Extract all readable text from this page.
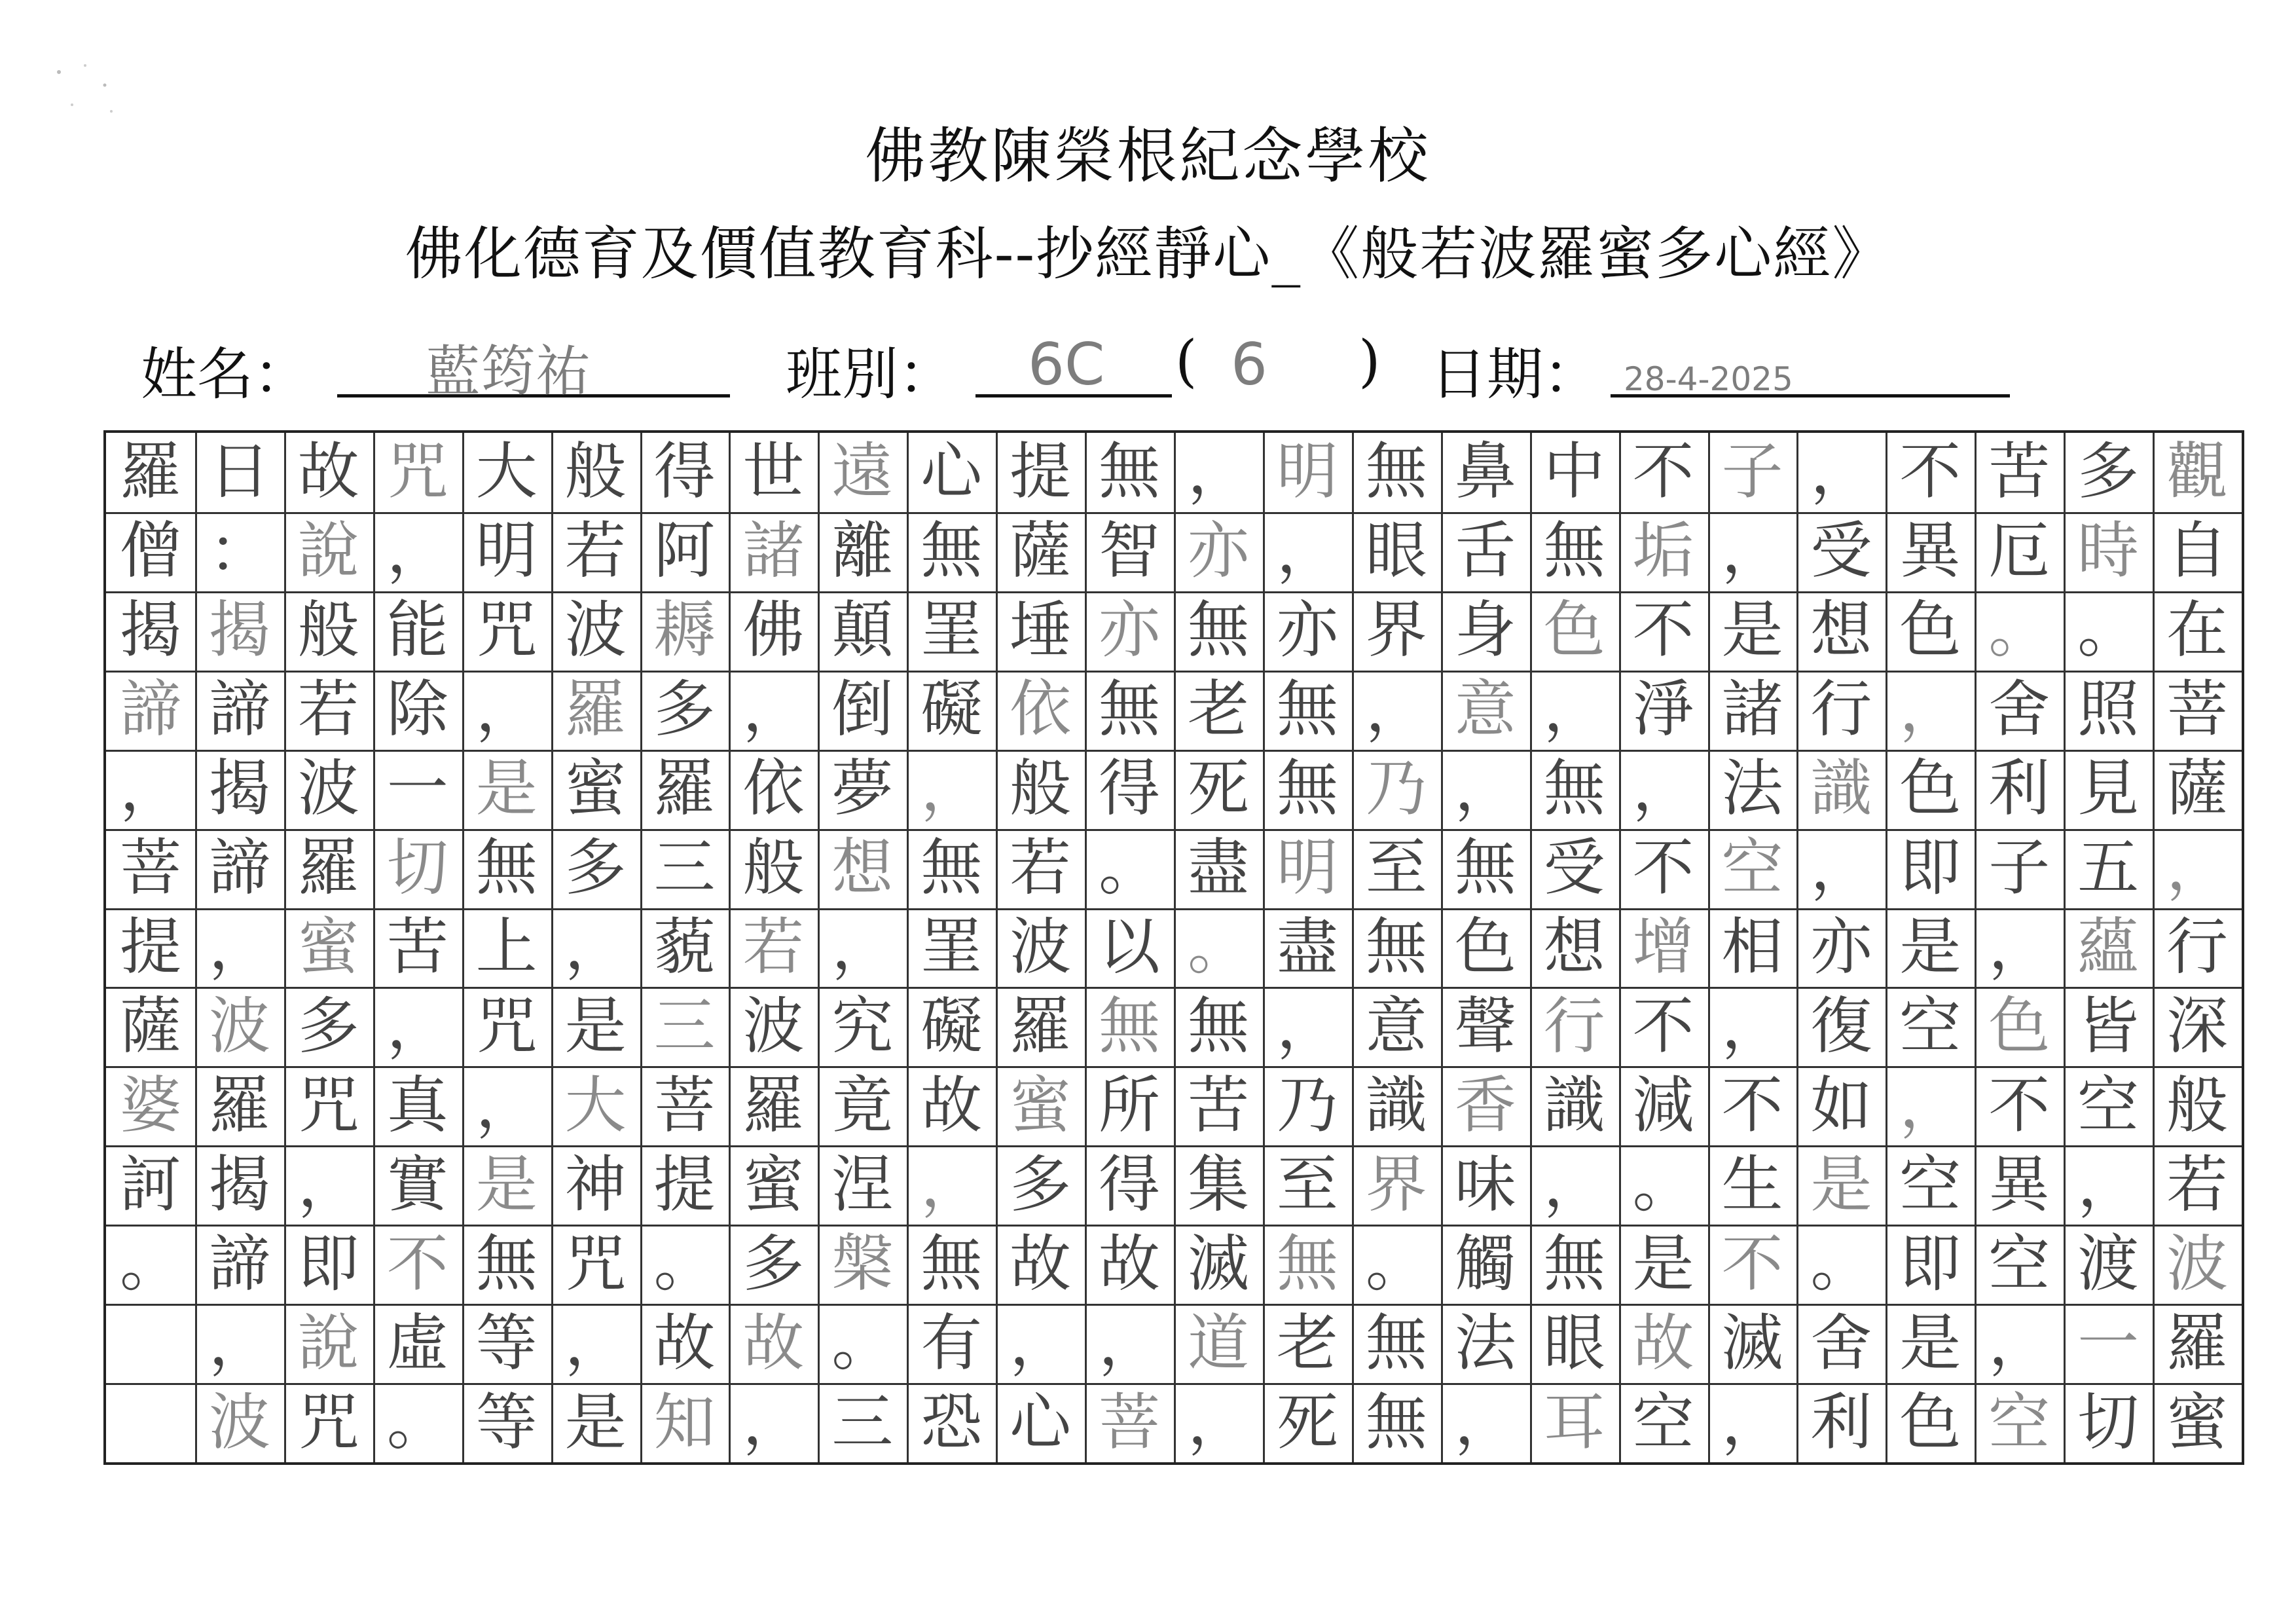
佛教陳榮根紀念學校
佛化德育及價值教育科--抄經靜心_《般若波羅蜜多心經》
姓名： 藍筠祐	班別： 6C ( 6 ) 日期： 28-4-2025
觀
自
在
菩
薩
，
行
深
般
若
波
羅
蜜
多
時
。
照
見
五
蘊
皆
空
，
渡
一
切
苦
厄
。
舍
利
子
，
色
不
異
空
，
空
不
異
色
，
色
即
是
空
，
空
即
是
色
，
受
想
行
識
，
亦
復
如
是
。
舍
利
子
，
是
諸
法
空
相
，
不
生
不
滅
，
不
垢
不
淨
，
不
增
不
減
。
是
故
空
中
無
色
，
無
受
想
行
識
，
無
眼
耳
鼻
舌
身
意
，
無
色
聲
香
味
觸
法
，
無
眼
界
，
乃
至
無
意
識
界
。
無
無
明
，
亦
無
無
明
盡
，
乃
至
無
老
死
，
亦
無
老
死
盡
。
無
苦
集
滅
道
，
無
智
亦
無
得
。
以
無
所
得
故
，
菩
提
薩
埵
依
般
若
波
羅
蜜
多
故
，
心
心
無
罣
礙
，
無
罣
礙
故
，
無
有
恐
遠
離
顛
倒
夢
想
，
究
竟
涅
槃
。
三
世
諸
佛
，
依
般
若
波
羅
蜜
多
故
，
得
阿
耨
多
羅
三
藐
三
菩
提
。
故
知
般
若
波
羅
蜜
多
，
是
大
神
咒
，
是
大
明
咒
，
是
無
上
咒
，
是
無
等
等
咒
，
能
除
一
切
苦
，
真
實
不
虛
。
故
說
般
若
波
羅
蜜
多
咒
，
即
說
咒
日
：
揭
諦
揭
諦
，
波
羅
揭
諦
，
波
羅
僧
揭
諦
，
菩
提
薩
婆
訶
。
